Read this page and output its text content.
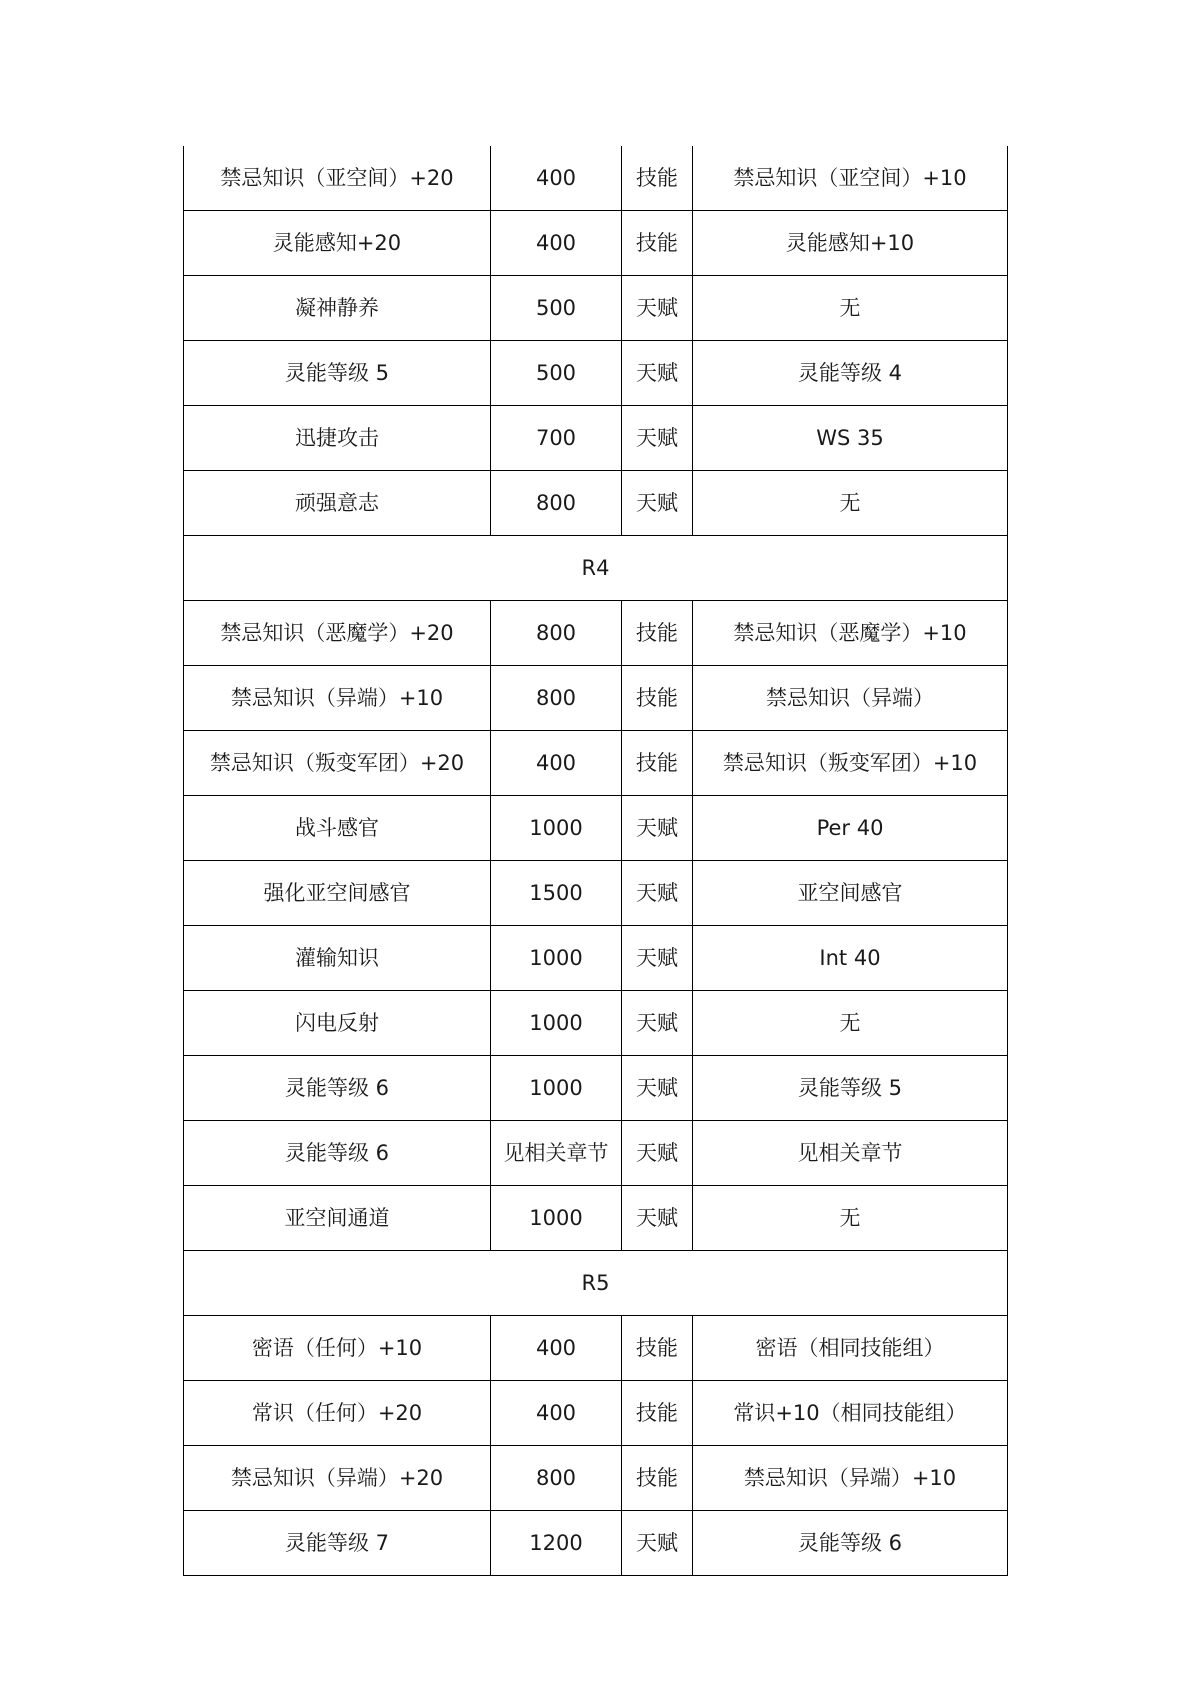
禁忌知识（亚空间）+20	400	技能	禁忌知识（亚空间）+10
灵能感知+20	400	技能	灵能感知+10
凝神静养	500	天赋	无
灵能等级 5	500	天赋	灵能等级 4
迅捷攻击	700	天赋	WS 35
顽强意志	800	天赋	无
R4			
禁忌知识（恶魔学）+20	800	技能	禁忌知识（恶魔学）+10
禁忌知识（异端）+10	800	技能	禁忌知识（异端）
禁忌知识（叛变军团）+20	400	技能	禁忌知识（叛变军团）+10
战斗感官	1000	天赋	Per 40
强化亚空间感官	1500	天赋	亚空间感官
灌输知识	1000	天赋	Int 40
闪电反射	1000	天赋	无
灵能等级 6	1000	天赋	灵能等级 5
灵能等级 6	见相关章节	天赋	见相关章节
亚空间通道	1000	天赋	无
R5			
密语（任何）+10	400	技能	密语（相同技能组）
常识（任何）+20	400	技能	常识+10（相同技能组）
禁忌知识（异端）+20	800	技能	禁忌知识（异端）+10
灵能等级 7	1200	天赋	灵能等级 6
